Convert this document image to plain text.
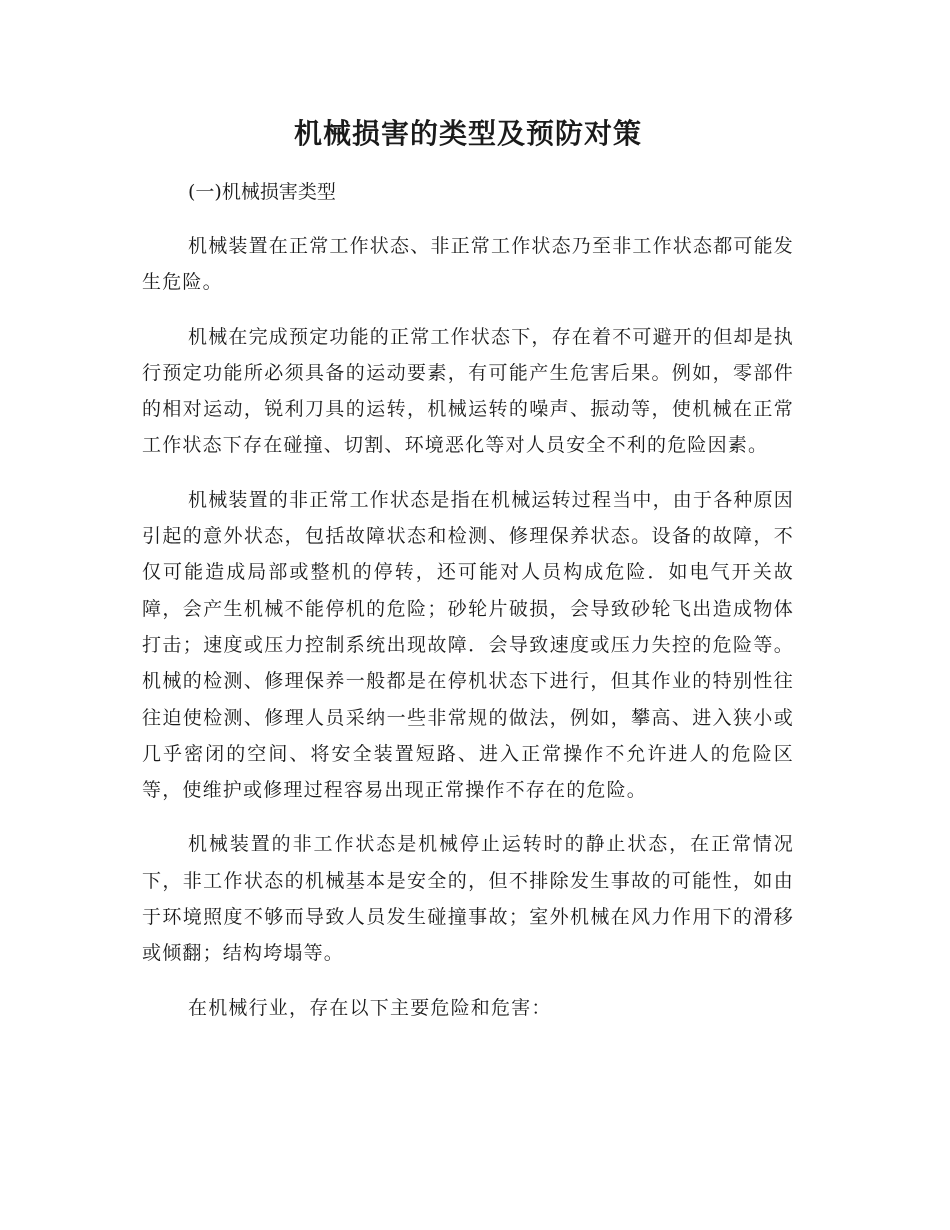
机械损害的类型及预防对策
(一)机械损害类型

机械装置在正常工作状态、非正常工作状态乃至非工作状态都可能发生危险。

机械在完成预定功能的正常工作状态下，存在着不可避开的但却是执行预定功能所必须具备的运动要素，有可能产生危害后果。例如，零部件的相对运动，锐利刀具的运转，机械运转的噪声、振动等，使机械在正常工作状态下存在碰撞、切割、环境恶化等对人员安全不利的危险因素。

机械装置的非正常工作状态是指在机械运转过程当中，由于各种原因引起的意外状态，包括故障状态和检测、修理保养状态。设备的故障，不仅可能造成局部或整机的停转，还可能对人员构成危险．如电气开关故障，会产生机械不能停机的危险；砂轮片破损，会导致砂轮飞出造成物体打击；速度或压力控制系统出现故障．会导致速度或压力失控的危险等。机械的检测、修理保养一般都是在停机状态下进行，但其作业的特别性往往迫使检测、修理人员采纳一些非常规的做法，例如，攀高、进入狭小或几乎密闭的空间、将安全装置短路、进入正常操作不允许进人的危险区等，使维护或修理过程容易出现正常操作不存在的危险。

机械装置的非工作状态是机械停止运转时的静止状态，在正常情况下，非工作状态的机械基本是安全的，但不排除发生事故的可能性，如由于环境照度不够而导致人员发生碰撞事故；室外机械在风力作用下的滑移或倾翻；结构垮塌等。

在机械行业，存在以下主要危险和危害：
